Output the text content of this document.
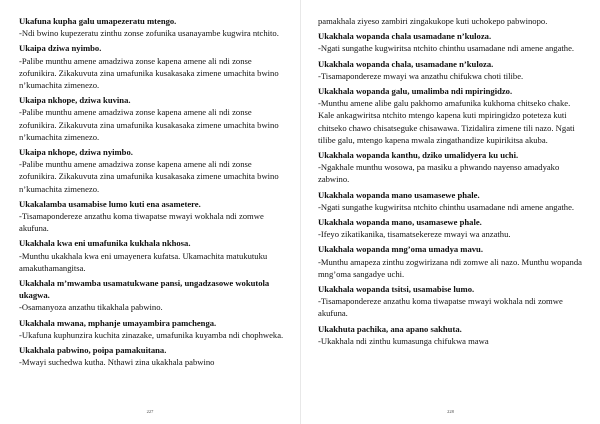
Ukafuna kupha galu umapezeratu mtengo.
-Ndi bwino kupezeratu zinthu zonse zofunika usanayambe kugwira ntchito.
Ukaipa dziwa nyimbo.
-Palibe munthu amene amadziwa zonse kapena amene ali ndi zonse zofunikira. Zikakuvuta zina umafunika kusakasaka zimene umachita bwino n’kumachita zimenezo.
Ukaipa nkhope, dziwa kuvina.
-Palibe munthu amene amadziwa zonse kapena amene ali ndi zonse zofunikira. Zikakuvuta zina umafunika kusakasaka zimene umachita bwino n’kumachita zimenezo.
Ukaipa nkhope, dziwa nyimbo.
-Palibe munthu amene amadziwa zonse kapena amene ali ndi zonse zofunikira. Zikakuvuta zina umafunika kusakasaka zimene umachita bwino n’kumachita zimenezo.
Ukakalamba usamabise lumo kuti ena asametere.
-Tisamapondereze anzathu koma tiwapatse mwayi wokhala ndi zomwe akufuna.
Ukakhala kwa eni umafunika kukhala nkhosa.
-Munthu ukakhala kwa eni umayenera kufatsa. Ukamachita matukutuku amakuthamangitsa.
Ukakhala m’mwamba usamatukwane pansi, ungadzasowe wokutola ukagwa.
-Osamanyoza anzathu tikakhala pabwino.
Ukakhala mwana, mphanje umayambira pamchenga.
-Ukafuna kuphunzira kuchita zinazake, umafunika kuyamba ndi chophweka.
Ukakhala pabwino, poipa pamakuitana.
-Mwayi suchedwa kutha. Nthawi zina ukakhala pabwino
227
pamakhala ziyeso zambiri zingakukope kuti uchokepo pabwinopo.
Ukakhala wopanda chala usamadane n’kuloza.
-Ngati sungathe kugwiritsa ntchito chinthu usamadane ndi amene angathe.
Ukakhala wopanda chala, usamadane n’kuloza.
-Tisamapondereze mwayi wa anzathu chifukwa choti tilibe.
Ukakhala wopanda galu, umalimba ndi mpiringidzo.
-Munthu amene alibe galu pakhomo amafunika kukhoma chitseko chake. Kale ankagwiritsa ntchito mtengo kapena kuti mpiringidzo poteteza kuti chitseko chawo chisatseguke chisawawa. Tizidalira zimene tili nazo. Ngati tilibe galu, mtengo kapena mwala zingathandize kupirikitsa akuba.
Ukakhala wopanda kanthu, dziko umalidyera ku uchi.
-Ngakhale munthu wosowa, pa masiku a phwando nayenso amadyako zabwino.
Ukakhala wopanda mano usamasewe phale.
-Ngati sungathe kugwiritsa ntchito chinthu usamadane ndi amene angathe.
Ukakhala wopanda mano, usamasewe phale.
-Ifeyo zikatikanika, tisamatsekereze mwayi wa anzathu.
Ukakhala wopanda mng’oma umadya mavu.
-Munthu amapeza zinthu zogwirizana ndi zomwe ali nazo. Munthu wopanda mng’oma sangadye uchi.
Ukakhala wopanda tsitsi, usamabise lumo.
-Tisamapondereze anzathu koma tiwapatse mwayi wokhala ndi zomwe akufuna.
Ukakhuta pachika, ana apano sakhuta.
-Ukakhala ndi zinthu kumasunga chifukwa mawa
228
